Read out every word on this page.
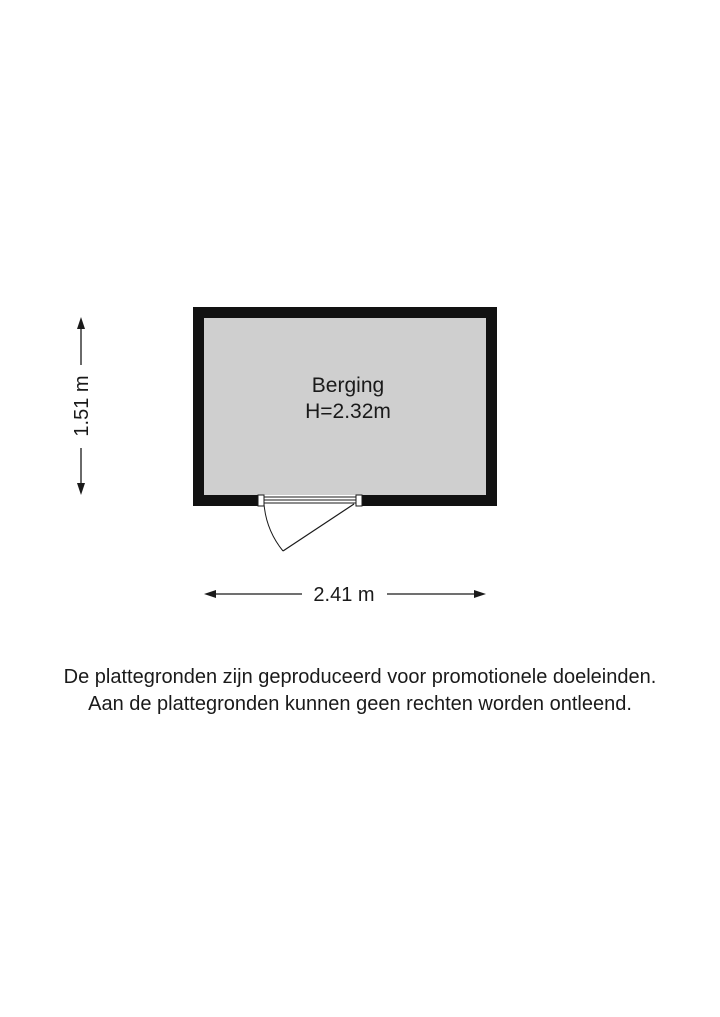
Berging
H=2.32m
1.51 m
2.41 m
De plattegronden zijn geproduceerd voor promotionele doeleinden.
Aan de plattegronden kunnen geen rechten worden ontleend.
